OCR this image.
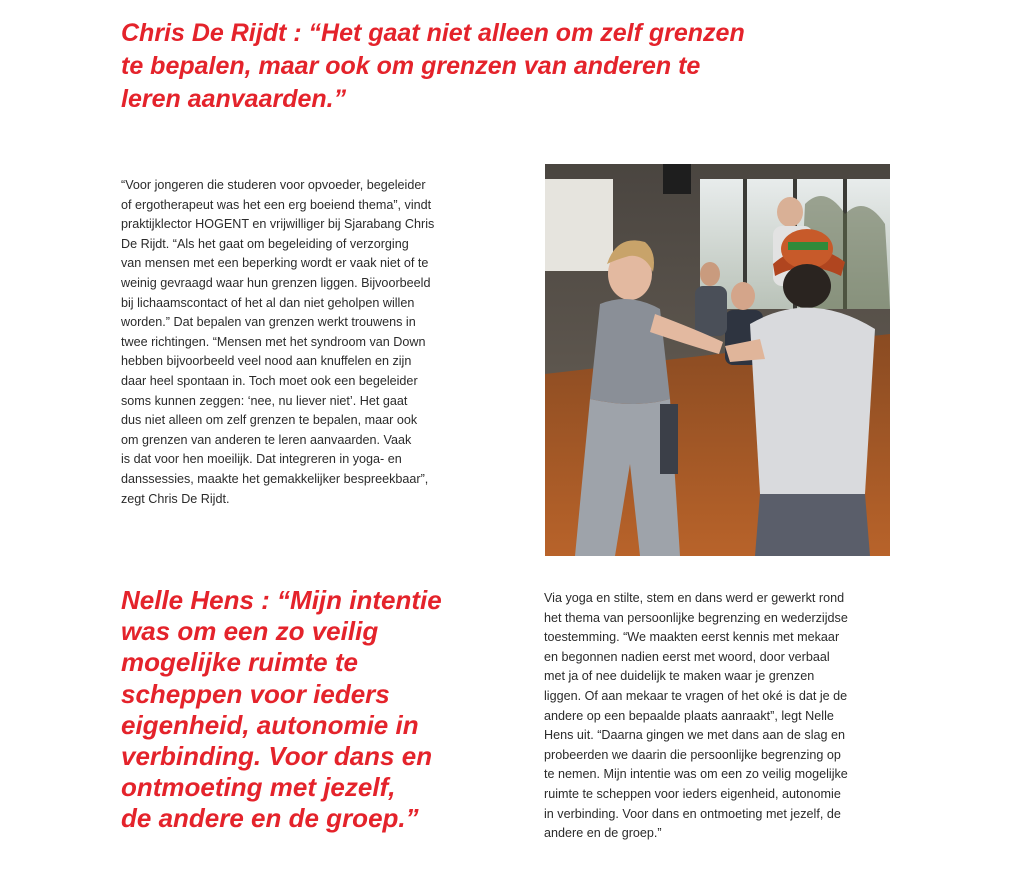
Chris De Rijdt : “Het gaat niet alleen om zelf grenzen
te bepalen, maar ook om grenzen van anderen te
leren aanvaarden.”
“Voor jongeren die studeren voor opvoeder, begeleider
of ergotherapeut was het een erg boeiend thema”, vindt
praktijklector HOGENT en vrijwilliger bij Sjarabang Chris
De Rijdt. “Als het gaat om begeleiding of verzorging
van mensen met een beperking wordt er vaak niet of te
weinig gevraagd waar hun grenzen liggen. Bijvoorbeeld
bij lichaamscontact of het al dan niet geholpen willen
worden.” Dat bepalen van grenzen werkt trouwens in
twee richtingen. “Mensen met het syndroom van Down
hebben bijvoorbeeld veel nood aan knuffelen en zijn
daar heel spontaan in. Toch moet ook een begeleider
soms kunnen zeggen: ‘nee, nu liever niet’. Het gaat
dus niet alleen om zelf grenzen te bepalen, maar ook
om grenzen van anderen te leren aanvaarden. Vaak
is dat voor hen moeilijk. Dat integreren in yoga- en
danssessies, maakte het gemakkelijker bespreekbaar”,
zegt Chris De Rijdt.
Nelle Hens : “Mijn intentie
was om een zo veilig
mogelijke ruimte te
scheppen voor ieders
eigenheid, autonomie in
verbinding. Voor dans en
ontmoeting met jezelf,
de andere en de groep.”
Via yoga en stilte, stem en dans werd er gewerkt rond
het thema van persoonlijke begrenzing en wederzijdse
toestemming. “We maakten eerst kennis met mekaar
en begonnen nadien eerst met woord, door verbaal
met ja of nee duidelijk te maken waar je grenzen
liggen. Of aan mekaar te vragen of het oké is dat je de
andere op een bepaalde plaats aanraakt”, legt Nelle
Hens uit. “Daarna gingen we met dans aan de slag en
probeerden we daarin die persoonlijke begrenzing op
te nemen. Mijn intentie was om een zo veilig mogelijke
ruimte te scheppen voor ieders eigenheid, autonomie
in verbinding. Voor dans en ontmoeting met jezelf, de
andere en de groep.”
